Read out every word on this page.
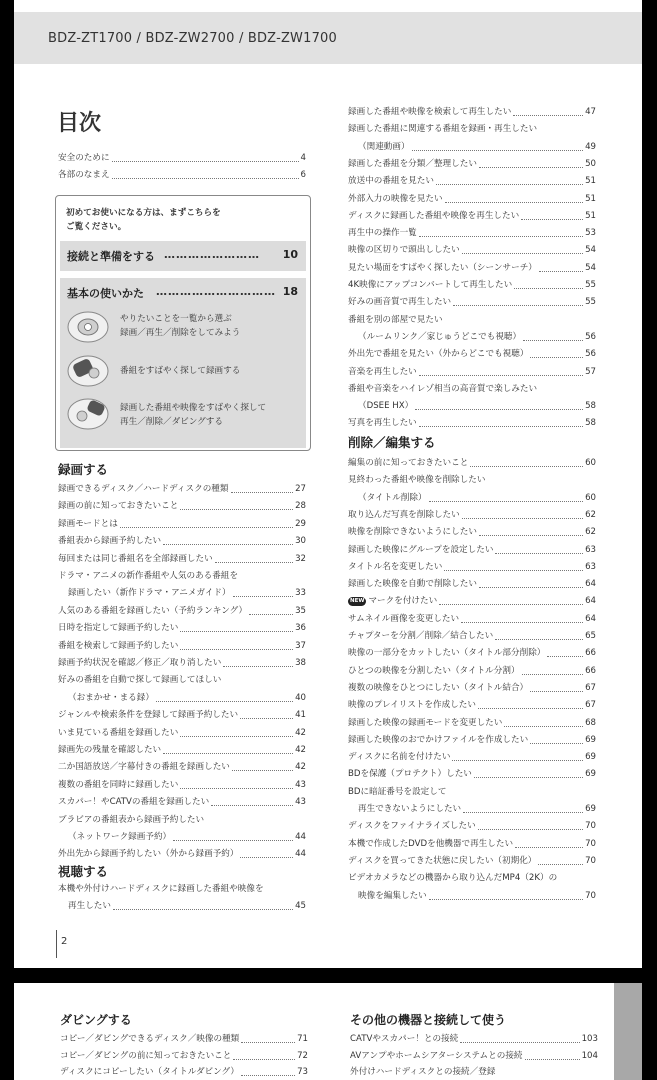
BDZ-ZT1700 / BDZ-ZW2700 / BDZ-ZW1700
目次
安全のために	4
各部のなまえ	6
初めてお使いになる方は、まずこちらを
ご覧ください。
接続と準備をする …………………… 10
基本の使いかた ………………………… 18
やりたいことを一覧から選ぶ
録画／再生／削除をしてみよう
番組をすばやく探して録画する
録画した番組や映像をすばやく探して
再生／削除／ダビングする
録画する
録画できるディスク／ハードディスクの種類	27
録画の前に知っておきたいこと	28
録画モードとは	29
番組表から録画予約したい	30
毎回または同じ番組名を全部録画したい	32
ドラマ・アニメの新作番組や人気のある番組を
録画したい（新作ドラマ・アニメガイド）	33
人気のある番組を録画したい（予約ランキング）	35
日時を指定して録画予約したい	36
番組を検索して録画予約したい	37
録画予約状況を確認／修正／取り消したい	38
好みの番組を自動で探して録画してほしい
（おまかせ・まる録）	40
ジャンルや検索条件を登録して録画予約したい	41
いま見ている番組を録画したい	42
録画先の残量を確認したい	42
二か国語放送／字幕付きの番組を録画したい	42
複数の番組を同時に録画したい	43
スカパー！やCATVの番組を録画したい	43
ブラビアの番組表から録画予約したい
（ネットワーク録画予約）	44
外出先から録画予約したい（外から録画予約）	44
視聴する
本機や外付けハードディスクに録画した番組や映像を
再生したい	45
録画した番組や映像を検索して再生したい	47
録画した番組に関連する番組を録画・再生したい
（関連動画）	49
録画した番組を分類／整理したい	50
放送中の番組を見たい	51
外部入力の映像を見たい	51
ディスクに録画した番組や映像を再生したい	51
再生中の操作一覧	53
映像の区切りで頭出ししたい	54
見たい場面をすばやく探したい（シーンサーチ）	54
4K映像にアップコンバートして再生したい	55
好みの画音質で再生したい	55
番組を別の部屋で見たい
（ルームリンク／家じゅうどこでも視聴）	56
外出先で番組を見たい（外からどこでも視聴）	56
音楽を再生したい	57
番組や音楽をハイレゾ相当の高音質で楽しみたい
（DSEE HX）	58
写真を再生したい	58
削除／編集する
編集の前に知っておきたいこと	60
見終わった番組や映像を削除したい
（タイトル削除）	60
取り込んだ写真を削除したい	62
映像を削除できないようにしたい	62
録画した映像にグループを設定したい	63
タイトル名を変更したい	63
録画した映像を自動で削除したい	64
NEW マークを付けたい	64
サムネイル画像を変更したい	64
チャプターを分割／削除／結合したい	65
映像の一部分をカットしたい（タイトル部分削除）	66
ひとつの映像を分割したい（タイトル分割）	66
複数の映像をひとつにしたい（タイトル結合）	67
映像のプレイリストを作成したい	67
録画した映像の録画モードを変更したい	68
録画した映像のおでかけファイルを作成したい	69
ディスクに名前を付けたい	69
BDを保護（プロテクト）したい	69
BDに暗証番号を設定して
再生できないようにしたい	69
ディスクをファイナライズしたい	70
本機で作成したDVDを他機器で再生したい	70
ディスクを買ってきた状態に戻したい（初期化）	70
ビデオカメラなどの機器から取り込んだMP4（2K）の
映像を編集したい	70
2
ダビングする
コピー／ダビングできるディスク／映像の種類	71
コピー／ダビングの前に知っておきたいこと	72
ディスクにコピーしたい（タイトルダビング）	73
その他の機器と接続して使う
CATVやスカパー！との接続	103
AVアンプやホームシアターシステムとの接続	104
外付けハードディスクとの接続／登録
